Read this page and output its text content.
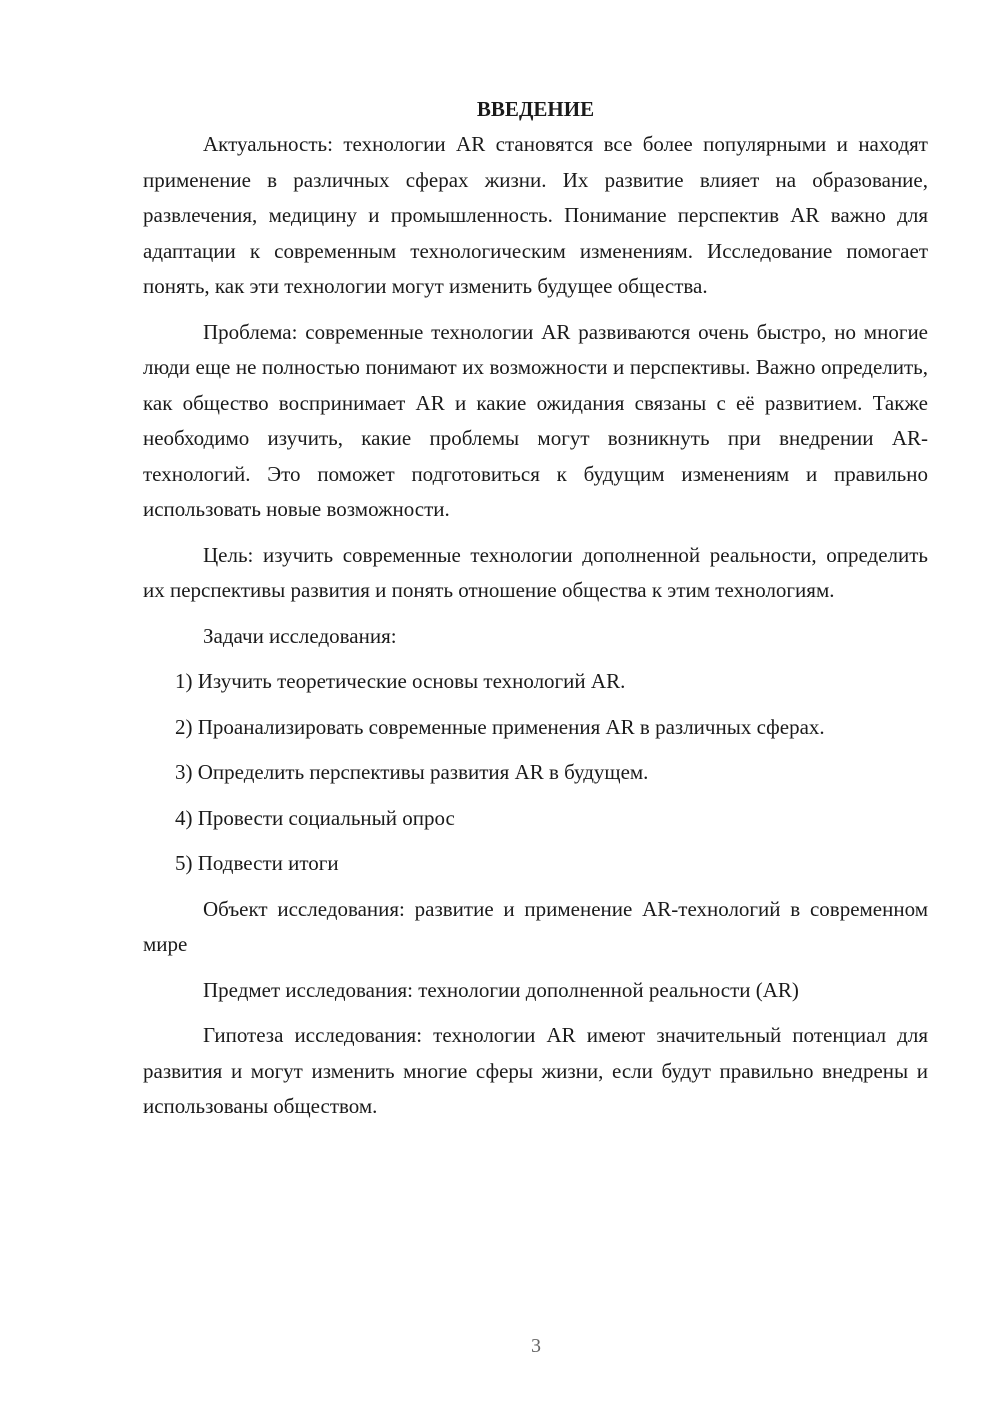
ВВЕДЕНИЕ

Актуальность: технологии AR становятся все более популярными и находят применение в различных сферах жизни. Их развитие влияет на образование, развлечения, медицину и промышленность. Понимание перспектив AR важно для адаптации к современным технологическим изменениям. Исследование помогает понять, как эти технологии могут изменить будущее общества.

Проблема: современные технологии AR развиваются очень быстро, но многие люди еще не полностью понимают их возможности и перспективы. Важно определить, как общество воспринимает AR и какие ожидания связаны с её развитием. Также необходимо изучить, какие проблемы могут возникнуть при внедрении AR-технологий. Это поможет подготовиться к будущим изменениям и правильно использовать новые возможности.

Цель: изучить современные технологии дополненной реальности, определить их перспективы развития и понять отношение общества к этим технологиям.

Задачи исследования:

1) Изучить теоретические основы технологий AR.
2) Проанализировать современные применения AR в различных сферах.
3) Определить перспективы развития AR в будущем.
4) Провести социальный опрос
5) Подвести итоги

Объект исследования: развитие и применение AR-технологий в современном мире

Предмет исследования: технологии дополненной реальности (AR)

Гипотеза исследования: технологии AR имеют значительный потенциал для развития и могут изменить многие сферы жизни, если будут правильно внедрены и использованы обществом.

3
